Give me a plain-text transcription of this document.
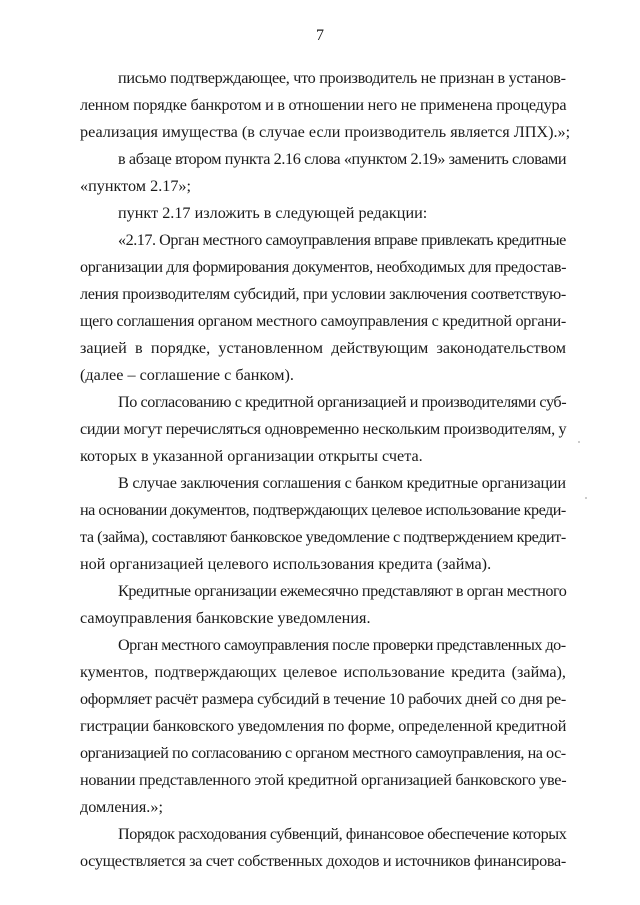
7
письмо подтверждающее, что производитель не признан в установ-
ленном порядке банкротом и в отношении него не применена процедура
реализация имущества (в случае если производитель является ЛПХ).»;
в абзаце втором пункта 2.16 слова «пунктом 2.19» заменить словами
«пунктом 2.17»;
пункт 2.17 изложить в следующей редакции:
«2.17. Орган местного самоуправления вправе привлекать кредитные
организации для формирования документов, необходимых для предостав-
ления производителям субсидий, при условии заключения соответствую-
щего соглашения органом местного самоуправления с кредитной органи-
зацией в порядке, установленном действующим законодательством
(далее – соглашение с банком).
По согласованию с кредитной организацией и производителями суб-
сидии могут перечисляться одновременно нескольким производителям, у
которых в указанной организации открыты счета.
В случае заключения соглашения с банком кредитные организации
на основании документов, подтверждающих целевое использование креди-
та (займа), составляют банковское уведомление с подтверждением кредит-
ной организацией целевого использования кредита (займа).
Кредитные организации ежемесячно представляют в орган местного
самоуправления банковские уведомления.
Орган местного самоуправления после проверки представленных до-
кументов, подтверждающих целевое использование кредита (займа),
оформляет расчёт размера субсидий в течение 10 рабочих дней со дня ре-
гистрации банковского уведомления по форме, определенной кредитной
организацией по согласованию с органом местного самоуправления, на ос-
новании представленного этой кредитной организацией банковского уве-
домления.»;
Порядок расходования субвенций, финансовое обеспечение которых
осуществляется за счет собственных доходов и источников финансирова-
